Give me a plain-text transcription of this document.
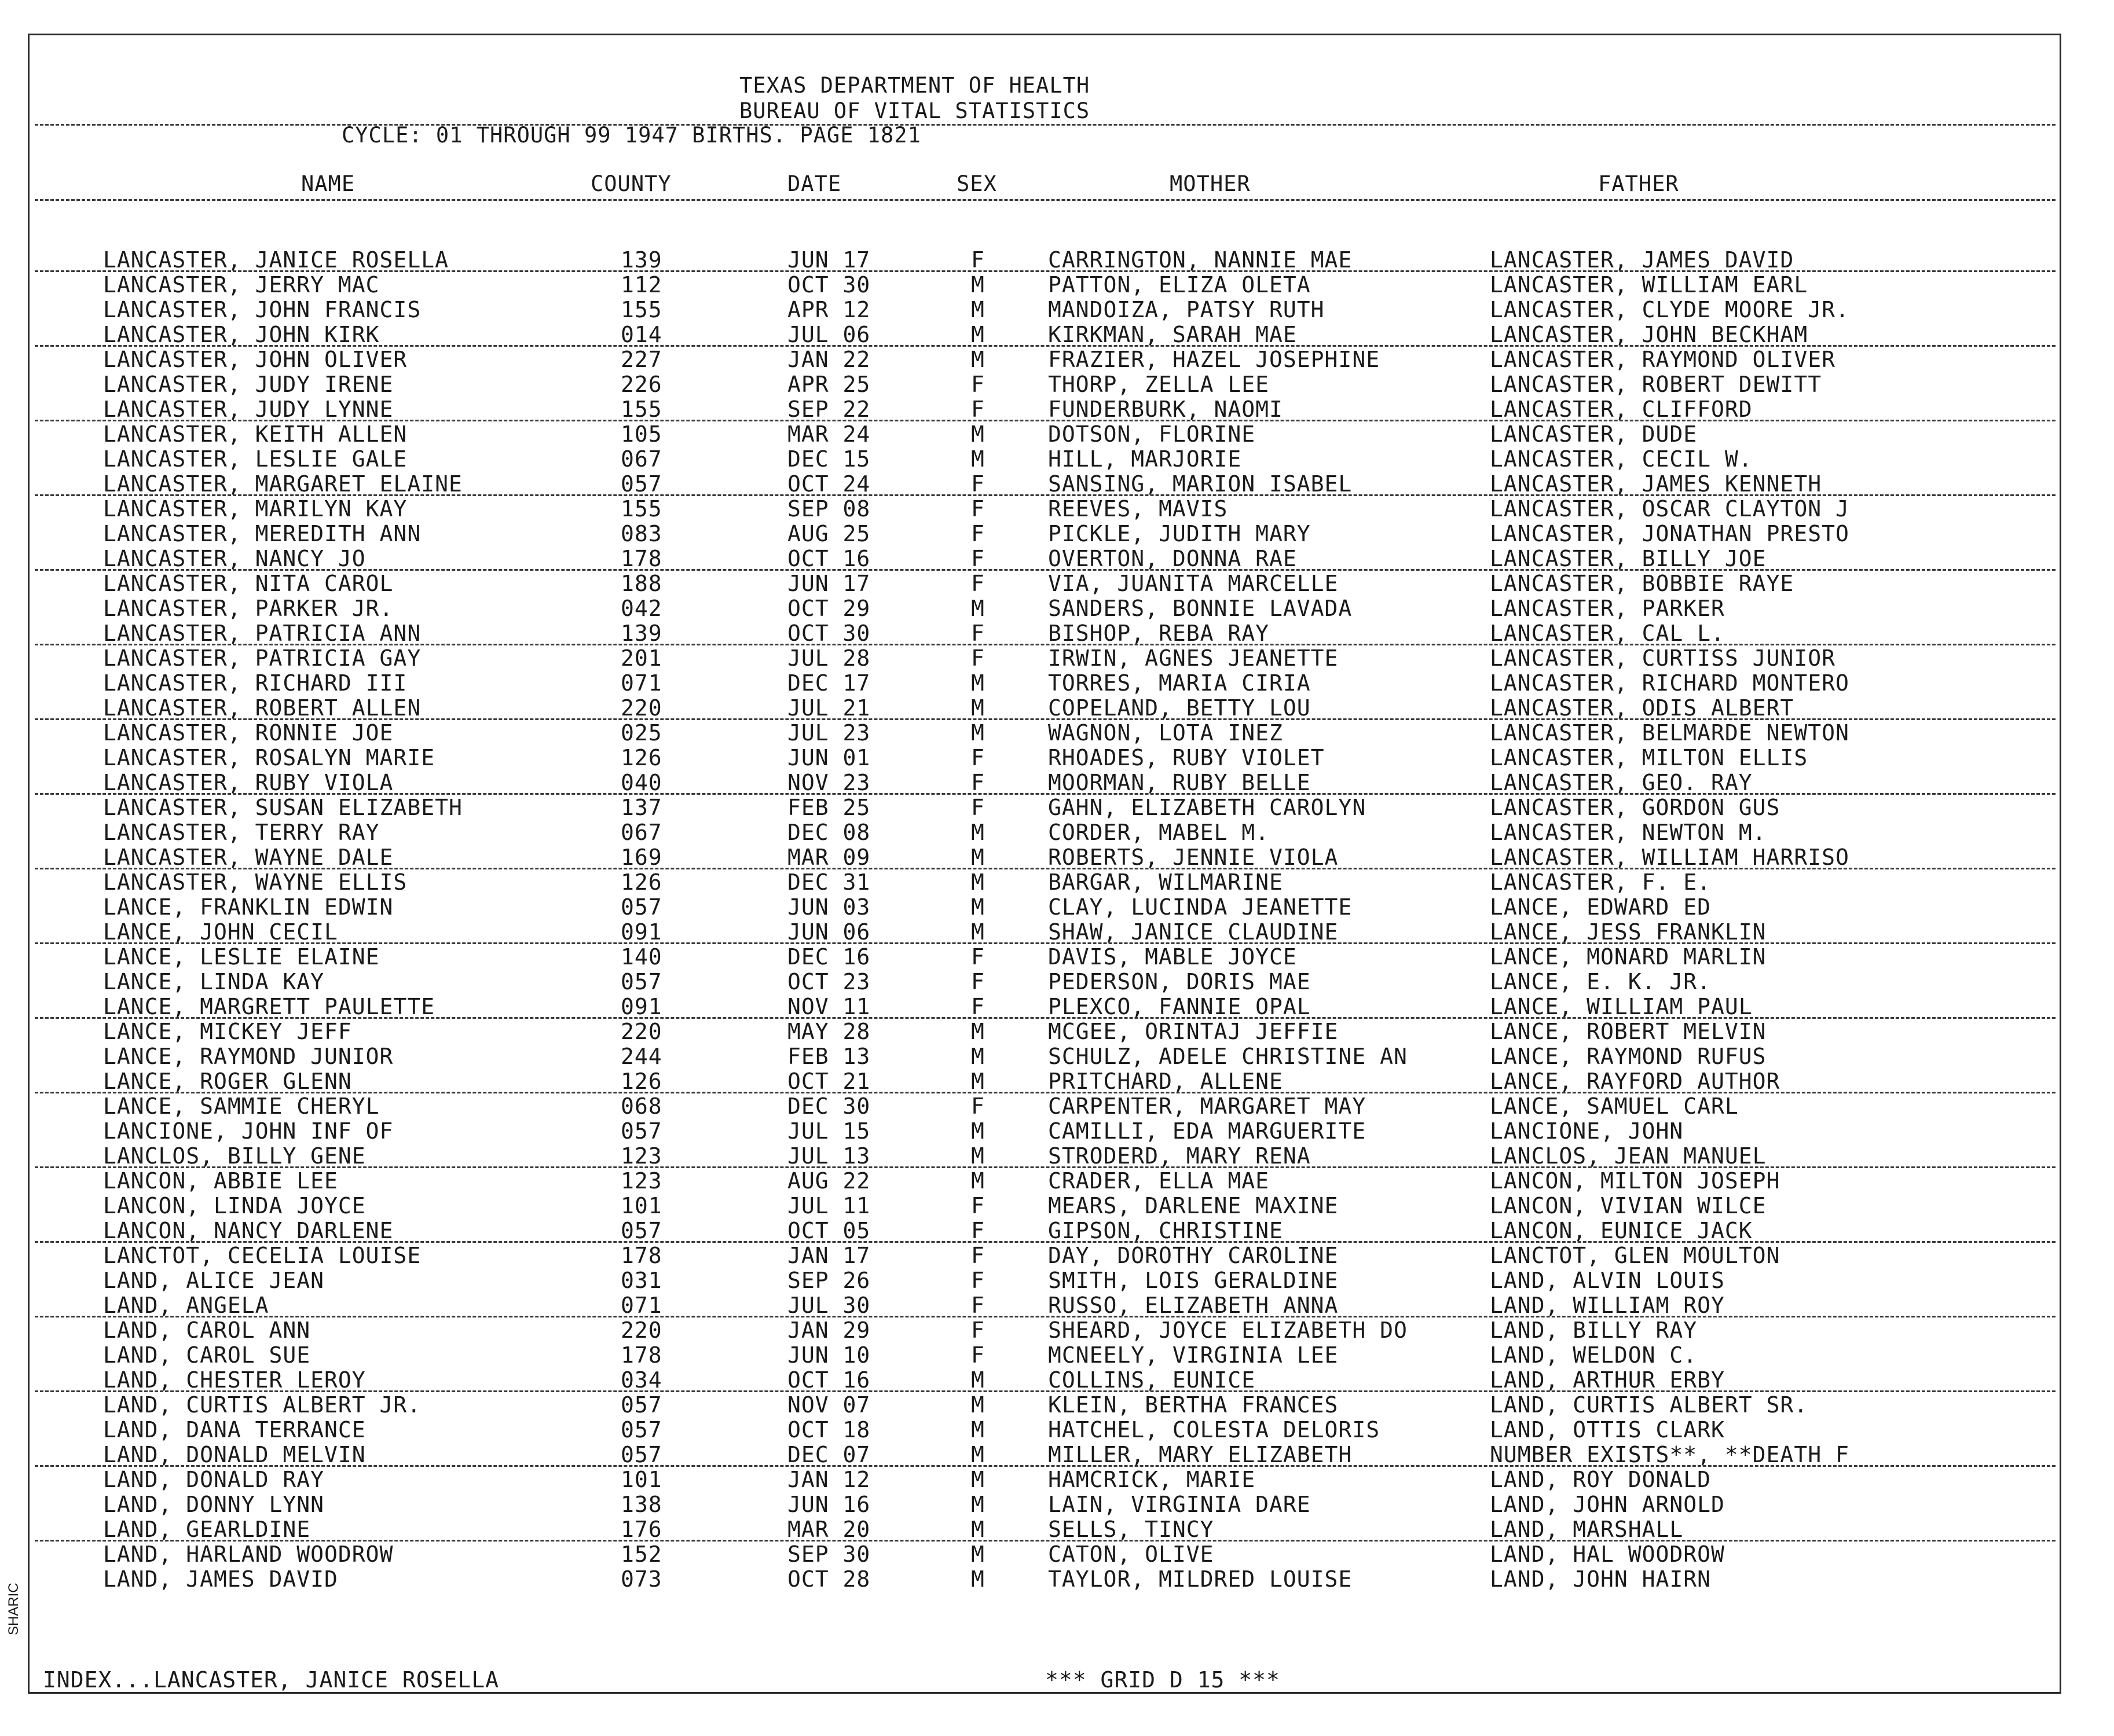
TEXAS DEPARTMENT OF HEALTH
BUREAU OF VITAL STATISTICS
CYCLE: 01 THROUGH 99 1947 BIRTHS. PAGE 1821
NAME	COUNTY	DATE	SEX	MOTHER	FATHER
LANCASTER, JANICE ROSELLA	139	JUN 17	F	CARRINGTON, NANNIE MAE	LANCASTER, JAMES DAVID
LANCASTER, JERRY MAC	112	OCT 30	M	PATTON, ELIZA OLETA	LANCASTER, WILLIAM EARL
LANCASTER, JOHN FRANCIS	155	APR 12	M	MANDOIZA, PATSY RUTH	LANCASTER, CLYDE MOORE JR.
LANCASTER, JOHN KIRK	014	JUL 06	M	KIRKMAN, SARAH MAE	LANCASTER, JOHN BECKHAM
LANCASTER, JOHN OLIVER	227	JAN 22	M	FRAZIER, HAZEL JOSEPHINE	LANCASTER, RAYMOND OLIVER
LANCASTER, JUDY IRENE	226	APR 25	F	THORP, ZELLA LEE	LANCASTER, ROBERT DEWITT
LANCASTER, JUDY LYNNE	155	SEP 22	F	FUNDERBURK, NAOMI	LANCASTER, CLIFFORD
LANCASTER, KEITH ALLEN	105	MAR 24	M	DOTSON, FLORINE	LANCASTER, DUDE
LANCASTER, LESLIE GALE	067	DEC 15	M	HILL, MARJORIE	LANCASTER, CECIL W.
LANCASTER, MARGARET ELAINE	057	OCT 24	F	SANSING, MARION ISABEL	LANCASTER, JAMES KENNETH
LANCASTER, MARILYN KAY	155	SEP 08	F	REEVES, MAVIS	LANCASTER, OSCAR CLAYTON J
LANCASTER, MEREDITH ANN	083	AUG 25	F	PICKLE, JUDITH MARY	LANCASTER, JONATHAN PRESTO
LANCASTER, NANCY JO	178	OCT 16	F	OVERTON, DONNA RAE	LANCASTER, BILLY JOE
LANCASTER, NITA CAROL	188	JUN 17	F	VIA, JUANITA MARCELLE	LANCASTER, BOBBIE RAYE
LANCASTER, PARKER JR.	042	OCT 29	M	SANDERS, BONNIE LAVADA	LANCASTER, PARKER
LANCASTER, PATRICIA ANN	139	OCT 30	F	BISHOP, REBA RAY	LANCASTER, CAL L.
LANCASTER, PATRICIA GAY	201	JUL 28	F	IRWIN, AGNES JEANETTE	LANCASTER, CURTISS JUNIOR
LANCASTER, RICHARD III	071	DEC 17	M	TORRES, MARIA CIRIA	LANCASTER, RICHARD MONTERO
LANCASTER, ROBERT ALLEN	220	JUL 21	M	COPELAND, BETTY LOU	LANCASTER, ODIS ALBERT
LANCASTER, RONNIE JOE	025	JUL 23	M	WAGNON, LOTA INEZ	LANCASTER, BELMARDE NEWTON
LANCASTER, ROSALYN MARIE	126	JUN 01	F	RHOADES, RUBY VIOLET	LANCASTER, MILTON ELLIS
LANCASTER, RUBY VIOLA	040	NOV 23	F	MOORMAN, RUBY BELLE	LANCASTER, GEO. RAY
LANCASTER, SUSAN ELIZABETH	137	FEB 25	F	GAHN, ELIZABETH CAROLYN	LANCASTER, GORDON GUS
LANCASTER, TERRY RAY	067	DEC 08	M	CORDER, MABEL M.	LANCASTER, NEWTON M.
LANCASTER, WAYNE DALE	169	MAR 09	M	ROBERTS, JENNIE VIOLA	LANCASTER, WILLIAM HARRISO
LANCASTER, WAYNE ELLIS	126	DEC 31	M	BARGAR, WILMARINE	LANCASTER, F. E.
LANCE, FRANKLIN EDWIN	057	JUN 03	M	CLAY, LUCINDA JEANETTE	LANCE, EDWARD ED
LANCE, JOHN CECIL	091	JUN 06	M	SHAW, JANICE CLAUDINE	LANCE, JESS FRANKLIN
LANCE, LESLIE ELAINE	140	DEC 16	F	DAVIS, MABLE JOYCE	LANCE, MONARD MARLIN
LANCE, LINDA KAY	057	OCT 23	F	PEDERSON, DORIS MAE	LANCE, E. K. JR.
LANCE, MARGRETT PAULETTE	091	NOV 11	F	PLEXCO, FANNIE OPAL	LANCE, WILLIAM PAUL
LANCE, MICKEY JEFF	220	MAY 28	M	MCGEE, ORINTAJ JEFFIE	LANCE, ROBERT MELVIN
LANCE, RAYMOND JUNIOR	244	FEB 13	M	SCHULZ, ADELE CHRISTINE AN	LANCE, RAYMOND RUFUS
LANCE, ROGER GLENN	126	OCT 21	M	PRITCHARD, ALLENE	LANCE, RAYFORD AUTHOR
LANCE, SAMMIE CHERYL	068	DEC 30	F	CARPENTER, MARGARET MAY	LANCE, SAMUEL CARL
LANCIONE, JOHN INF OF	057	JUL 15	M	CAMILLI, EDA MARGUERITE	LANCIONE, JOHN
LANCLOS, BILLY GENE	123	JUL 13	M	STRODERD, MARY RENA	LANCLOS, JEAN MANUEL
LANCON, ABBIE LEE	123	AUG 22	M	CRADER, ELLA MAE	LANCON, MILTON JOSEPH
LANCON, LINDA JOYCE	101	JUL 11	F	MEARS, DARLENE MAXINE	LANCON, VIVIAN WILCE
LANCON, NANCY DARLENE	057	OCT 05	F	GIPSON, CHRISTINE	LANCON, EUNICE JACK
LANCTOT, CECELIA LOUISE	178	JAN 17	F	DAY, DOROTHY CAROLINE	LANCTOT, GLEN MOULTON
LAND, ALICE JEAN	031	SEP 26	F	SMITH, LOIS GERALDINE	LAND, ALVIN LOUIS
LAND, ANGELA	071	JUL 30	F	RUSSO, ELIZABETH ANNA	LAND, WILLIAM ROY
LAND, CAROL ANN	220	JAN 29	F	SHEARD, JOYCE ELIZABETH DO	LAND, BILLY RAY
LAND, CAROL SUE	178	JUN 10	F	MCNEELY, VIRGINIA LEE	LAND, WELDON C.
LAND, CHESTER LEROY	034	OCT 16	M	COLLINS, EUNICE	LAND, ARTHUR ERBY
LAND, CURTIS ALBERT JR.	057	NOV 07	M	KLEIN, BERTHA FRANCES	LAND, CURTIS ALBERT SR.
LAND, DANA TERRANCE	057	OCT 18	M	HATCHEL, COLESTA DELORIS	LAND, OTTIS CLARK
LAND, DONALD MELVIN	057	DEC 07	M	MILLER, MARY ELIZABETH	NUMBER EXISTS**, **DEATH F
LAND, DONALD RAY	101	JAN 12	M	HAMCRICK, MARIE	LAND, ROY DONALD
LAND, DONNY LYNN	138	JUN 16	M	LAIN, VIRGINIA DARE	LAND, JOHN ARNOLD
LAND, GEARLDINE	176	MAR 20	M	SELLS, TINCY	LAND, MARSHALL
LAND, HARLAND WOODROW	152	SEP 30	M	CATON, OLIVE	LAND, HAL WOODROW
LAND, JAMES DAVID	073	OCT 28	M	TAYLOR, MILDRED LOUISE	LAND, JOHN HAIRN
INDEX...LANCASTER, JANICE ROSELLA	*** GRID D 15 ***
SHARIC
